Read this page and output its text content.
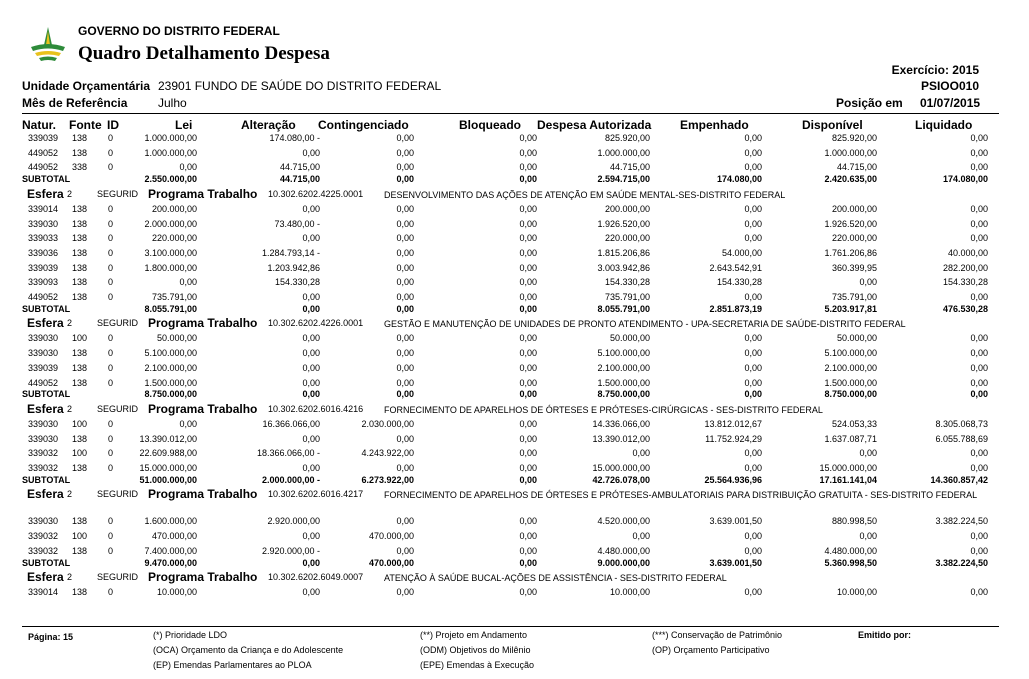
GOVERNO DO DISTRITO FEDERAL
Quadro Detalhamento Despesa
Exercício: 2015
PSIOO010
Unidade Orçamentária 23901 FUNDO DE SAÚDE DO DISTRITO FEDERAL
Mês de Referência	Julho	Posição em 01/07/2015
Natur. Fonte ID	Lei	Alteração Contingenciado	Bloqueado Despesa Autorizada Empenhado	Disponível	Liquidado
339039 138 0	1.000.000,00	174.080,00 -	0,00	0,00	825.920,00	0,00	825.920,00	0,00
449052 138 0	1.000.000,00	0,00	0,00	0,00	1.000.000,00	0,00	1.000.000,00	0,00
449052 338 0	0,00	44.715,00	0,00	0,00	44.715,00	0,00	44.715,00	0,00
SUBTOTAL	2.550.000,00	44.715,00	0,00	0,00	2.594.715,00	174.080,00	2.420.635,00	174.080,00
Esfera 2	SEGURID Programa Trabalho 10.302.6202.4225.0001 DESENVOLVIMENTO DAS AÇÕES DE ATENÇÃO EM SAÚDE MENTAL-SES-DISTRITO FEDERAL
339014 138 0	200.000,00	0,00	0,00	0,00	200.000,00	0,00	200.000,00	0,00
339030 138 0	2.000.000,00	73.480,00 -	0,00	0,00	1.926.520,00	0,00	1.926.520,00	0,00
339033 138 0	220.000,00	0,00	0,00	0,00	220.000,00	0,00	220.000,00	0,00
339036 138 0	3.100.000,00	1.284.793,14 -	0,00	0,00	1.815.206,86	54.000,00	1.761.206,86	40.000,00
339039 138 0	1.800.000,00	1.203.942,86	0,00	0,00	3.003.942,86	2.643.542,91	360.399,95	282.200,00
339093 138 0	0,00	154.330,28	0,00	0,00	154.330,28	154.330,28	0,00	154.330,28
449052 138 0	735.791,00	0,00	0,00	0,00	735.791,00	0,00	735.791,00	0,00
SUBTOTAL	8.055.791,00	0,00	0,00	0,00	8.055.791,00	2.851.873,19	5.203.917,81	476.530,28
Esfera 2	SEGURID Programa Trabalho 10.302.6202.4226.0001 GESTÃO E MANUTENÇÃO DE UNIDADES DE PRONTO ATENDIMENTO - UPA-SECRETARIA DE SAÚDE-DISTRITO FEDERAL
339030 100 0	50.000,00	0,00	0,00	0,00	50.000,00	0,00	50.000,00	0,00
339030 138 0	5.100.000,00	0,00	0,00	0,00	5.100.000,00	0,00	5.100.000,00	0,00
339039 138 0	2.100.000,00	0,00	0,00	0,00	2.100.000,00	0,00	2.100.000,00	0,00
449052 138 0	1.500.000,00	0,00	0,00	0,00	1.500.000,00	0,00	1.500.000,00	0,00
SUBTOTAL	8.750.000,00	0,00	0,00	0,00	8.750.000,00	0,00	8.750.000,00	0,00
Esfera 2	SEGURID Programa Trabalho 10.302.6202.6016.4216 FORNECIMENTO DE APARELHOS DE ÓRTESES E PRÓTESES-CIRÚRGICAS - SES-DISTRITO FEDERAL
339030 100 0	0,00	16.366.066,00	2.030.000,00	0,00	14.336.066,00	13.812.012,67	524.053,33	8.305.068,73
339030 138 0	13.390.012,00	0,00	0,00	0,00	13.390.012,00	11.752.924,29	1.637.087,71	6.055.788,69
339032 100 0	22.609.988,00	18.366.066,00 -	4.243.922,00	0,00	0,00	0,00	0,00	0,00
339032 138 0	15.000.000,00	0,00	0,00	0,00	15.000.000,00	0,00	15.000.000,00	0,00
SUBTOTAL	51.000.000,00	2.000.000,00 -	6.273.922,00	0,00	42.726.078,00	25.564.936,96	17.161.141,04	14.360.857,42
Esfera 2	SEGURID Programa Trabalho 10.302.6202.6016.4217 FORNECIMENTO DE APARELHOS DE ÓRTESES E PRÓTESES-AMBULATORIAIS PARA DISTRIBUIÇÃO GRATUITA - SES-DISTRITO FEDERAL
339030 138 0	1.600.000,00	2.920.000,00	0,00	0,00	4.520.000,00	3.639.001,50	880.998,50	3.382.224,50
339032 100 0	470.000,00	0,00	470.000,00	0,00	0,00	0,00	0,00	0,00
339032 138 0	7.400.000,00	2.920.000,00 -	0,00	0,00	4.480.000,00	0,00	4.480.000,00	0,00
SUBTOTAL	9.470.000,00	0,00	470.000,00	0,00	9.000.000,00	3.639.001,50	5.360.998,50	3.382.224,50
Esfera 2	SEGURID Programa Trabalho 10.302.6202.6049.0007 ATENÇÃO À SAÚDE BUCAL-AÇÕES DE ASSISTÊNCIA - SES-DISTRITO FEDERAL
339014 138 0	10.000,00	0,00	0,00	0,00	10.000,00	0,00	10.000,00	0,00
Página: 15	(*) Prioridade LDO	(**) Projeto em Andamento	(***) Conservação de Patrimônio	Emitido por:
(OCA) Orçamento da Criança e do Adolescente	(ODM) Objetivos do Milênio	(OP) Orçamento Participativo
(EP) Emendas Parlamentares ao PLOA	(EPE) Emendas à Execução
